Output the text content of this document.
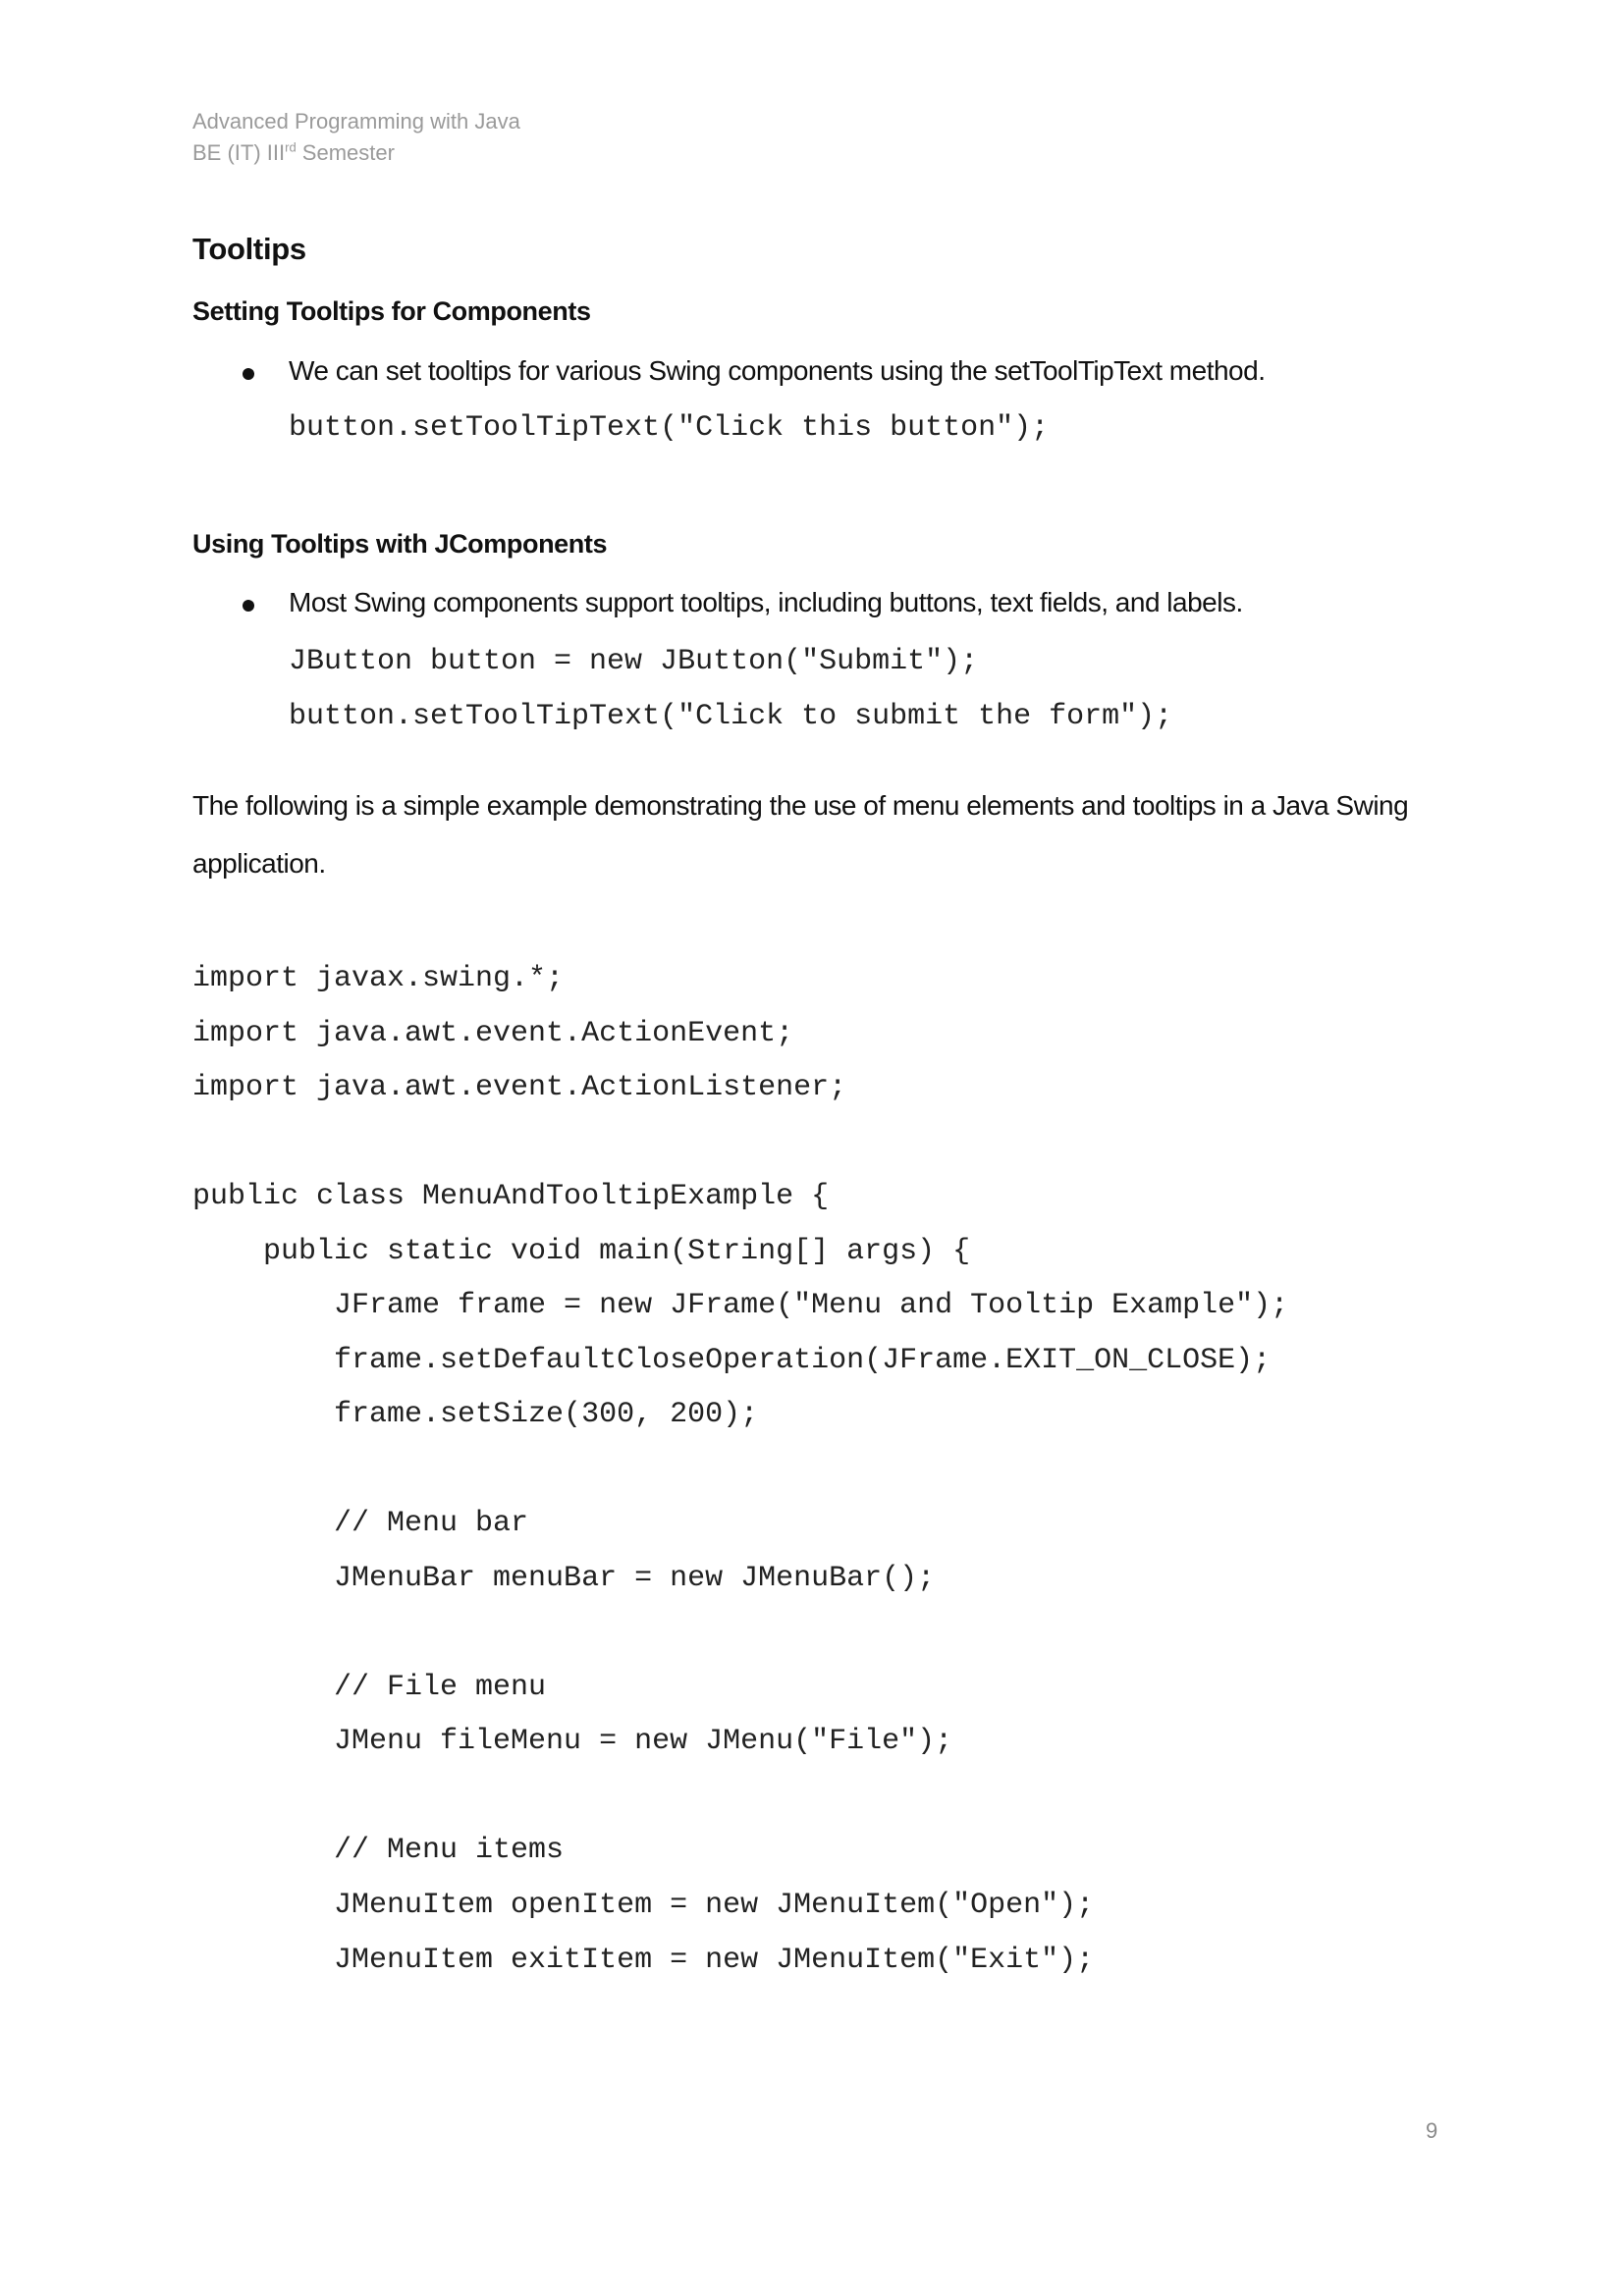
Advanced Programming with Java
BE (IT) IIIrd Semester
Tooltips
Setting Tooltips for Components
We can set tooltips for various Swing components using the setToolTipText method.
button.setToolTipText("Click this button");
Using Tooltips with JComponents
Most Swing components support tooltips, including buttons, text fields, and labels.
JButton button = new JButton("Submit");
button.setToolTipText("Click to submit the form");
The following is a simple example demonstrating the use of menu elements and tooltips in a Java Swing
application.
import javax.swing.*;
import java.awt.event.ActionEvent;
import java.awt.event.ActionListener;
public class MenuAndTooltipExample {
public static void main(String[] args) {
JFrame frame = new JFrame("Menu and Tooltip Example");
frame.setDefaultCloseOperation(JFrame.EXIT_ON_CLOSE);
frame.setSize(300, 200);
// Menu bar
JMenuBar menuBar = new JMenuBar();
// File menu
JMenu fileMenu = new JMenu("File");
// Menu items
JMenuItem openItem = new JMenuItem("Open");
JMenuItem exitItem = new JMenuItem("Exit");
9
